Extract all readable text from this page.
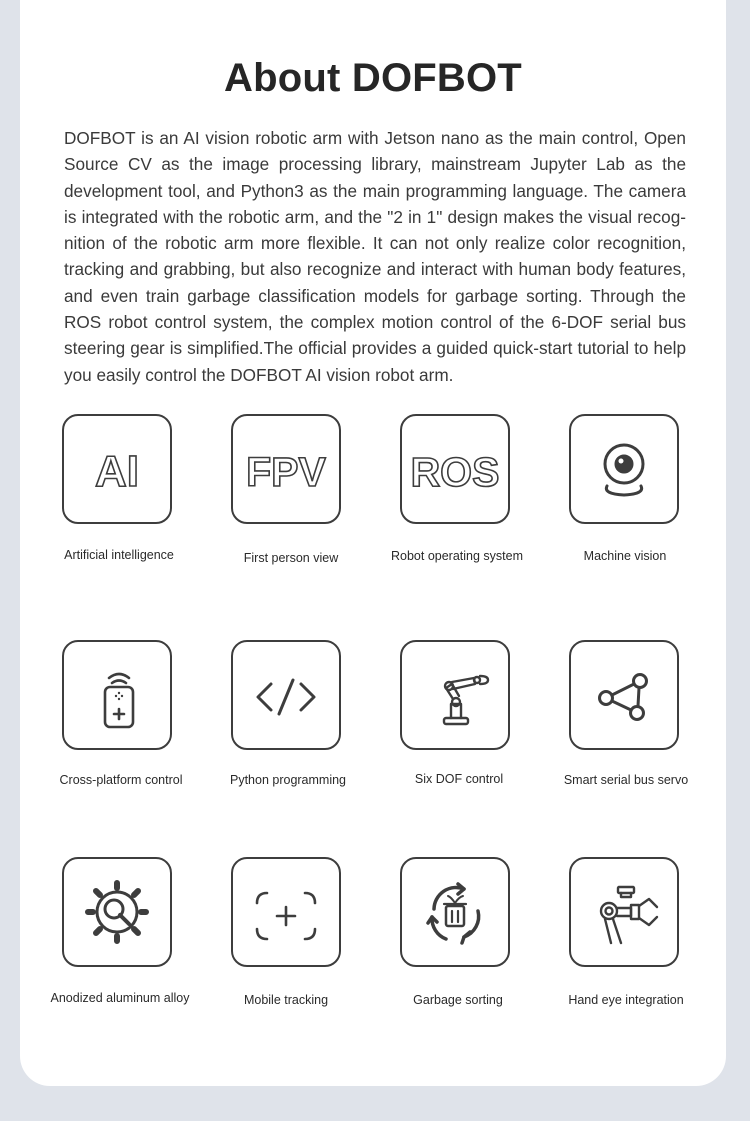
About DOFBOT

DOFBOT is an AI vision robotic arm with Jetson nano as the main control, Open Source CV as the image processing library, mainstream Jupyter Lab as the development tool, and Python3 as the main programming language. The camera is integrated with the robotic arm, and the "2 in 1" design makes the visual recog-nition of the robotic arm more flexible. It can not only realize color recognition, tracking and grabbing, but also recognize and interact with human body features, and even train garbage classification models for garbage sorting. Through the ROS robot control system, the complex motion control of the 6-DOF serial bus steering gear is simplified.The official provides a guided quick-start tutorial to help you easily control the DOFBOT AI vision robot arm.

AI
Artificial intelligence
FPV
First person view
ROS
Robot operating system	Machine vision
Cross-platform control	Python programming	Six DOF control	Smart serial bus servo
Anodized aluminum alloy	Mobile tracking	Garbage sorting	Hand eye integration
